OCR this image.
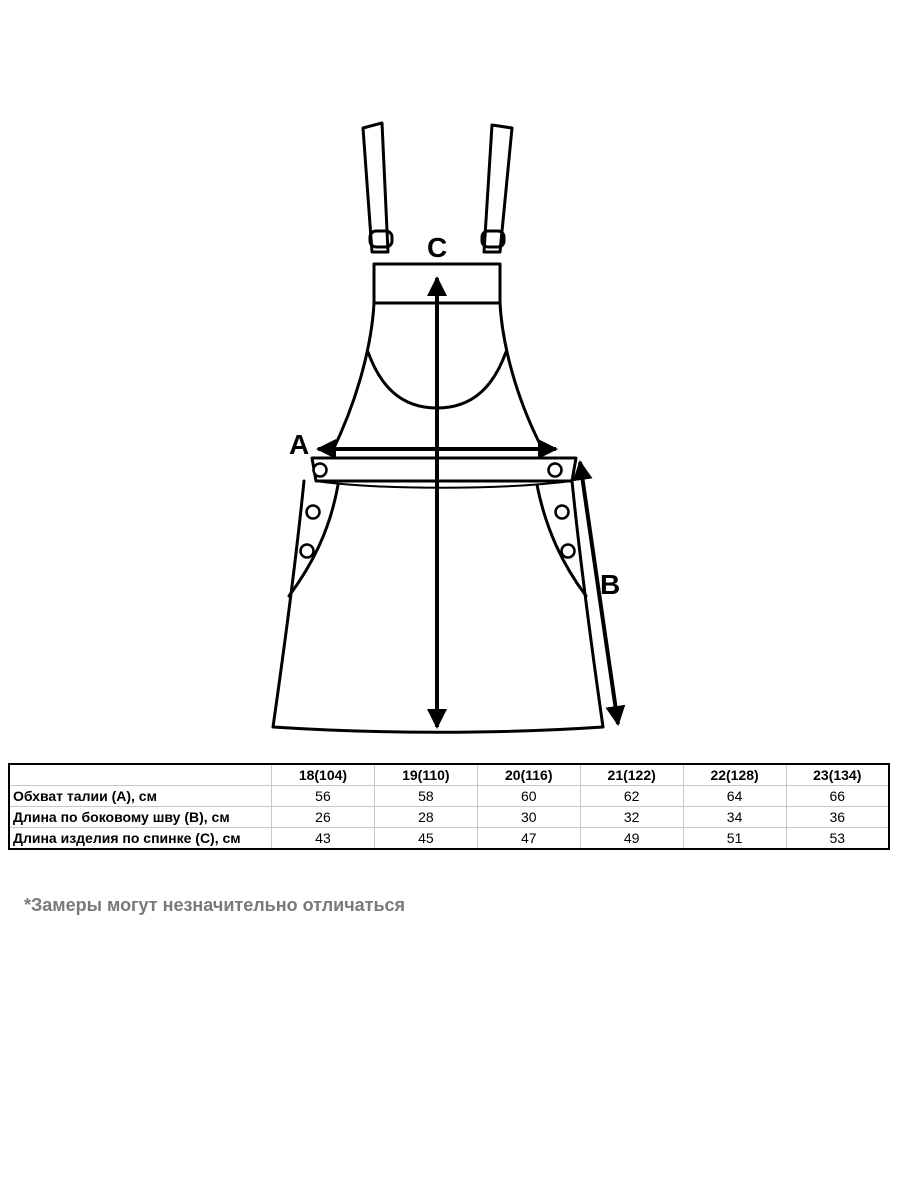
A
B
C
	18(104)	19(110)	20(116)	21(122)	22(128)	23(134)
Обхват талии (А), см	56	58	60	62	64	66
Длина по боковому шву (В), см	26	28	30	32	34	36
Длина изделия по спинке (С), см	43	45	47	49	51	53
*Замеры могут незначительно отличаться
